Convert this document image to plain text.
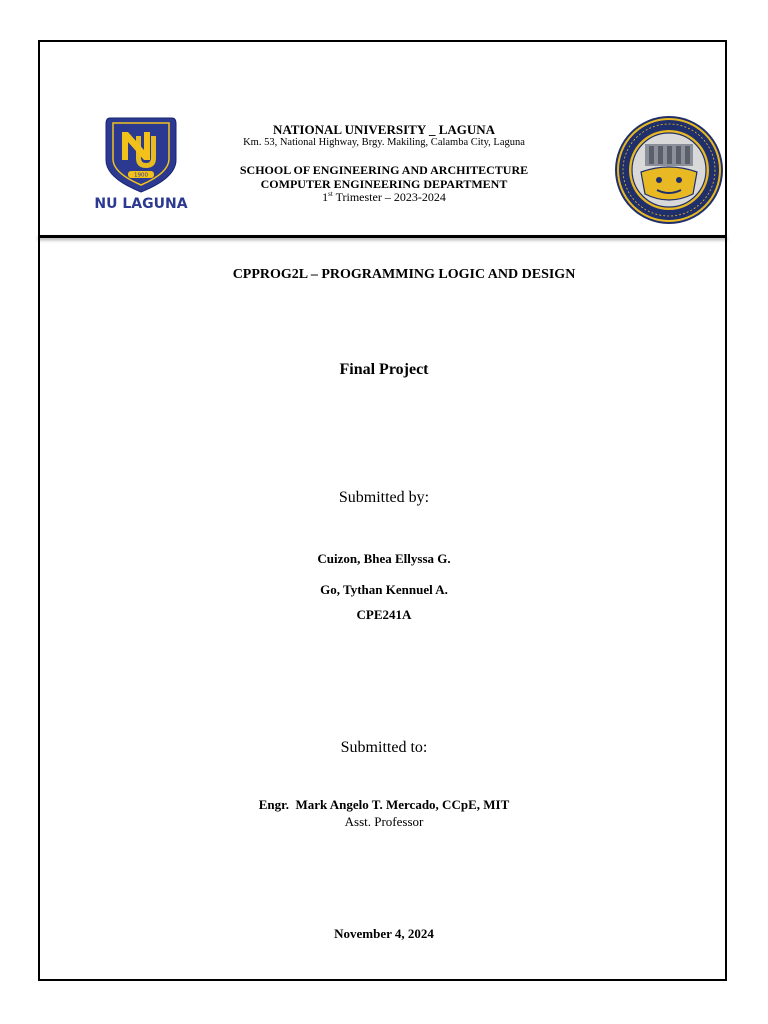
1900
NU LAGUNA
NATIONAL UNIVERSITY _ LAGUNA
Km. 53, National Highway, Brgy. Makiling, Calamba City, Laguna
SCHOOL OF ENGINEERING AND ARCHITECTURE
COMPUTER ENGINEERING DEPARTMENT
1st Trimester – 2023-2024
CPPROG2L – PROGRAMMING LOGIC AND DESIGN
Final Project
Submitted by:
Cuizon, Bhea Ellyssa G.
Go, Tythan Kennuel A.
CPE241A
Submitted to:
Engr.  Mark Angelo T. Mercado, CCpE, MIT
Asst. Professor
November 4, 2024
